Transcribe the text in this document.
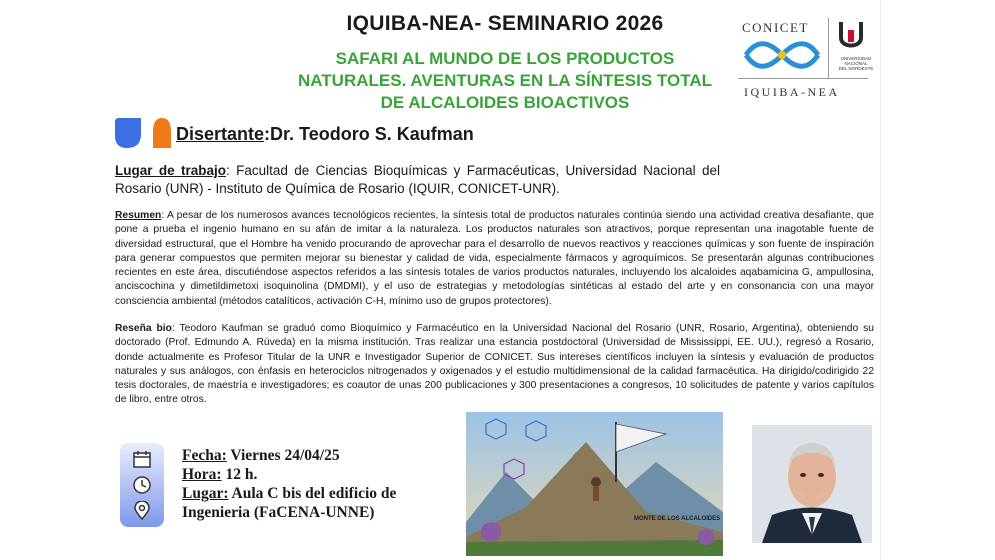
IQUIBA-NEA- SEMINARIO 2026
SAFARI AL MUNDO DE LOS PRODUCTOS
NATURALES. AVENTURAS EN LA SÍNTESIS TOTAL
DE ALCALOIDES BIOACTIVOS
CONICET
UNIVERSIDAD
NACIONAL
DEL NORDESTE
IQUIBA-NEA
Disertante:Dr. Teodoro S. Kaufman
Lugar de trabajo: Facultad de Ciencias Bioquímicas y Farmacéuticas, Universidad Nacional del Rosario (UNR) - Instituto de Química de Rosario (IQUIR, CONICET-UNR).
Resumen: A pesar de los numerosos avances tecnológicos recientes, la síntesis total de productos naturales continúa siendo una actividad creativa desafiante, que pone a prueba el ingenio humano en su afán de imitar a la naturaleza. Los productos naturales son atractivos, porque representan una inagotable fuente de diversidad estructural, que el Hombre ha venido procurando de aprovechar para el desarrollo de nuevos reactivos y reacciones químicas y son fuente de inspiración para generar compuestos que permiten mejorar su bienestar y calidad de vida, especialmente fármacos y agroquímicos. Se presentarán algunas contribuciones recientes en este área, discutiéndose aspectos referidos a las síntesis totales de varios productos naturales, incluyendo los alcaloides aqabamicina G, ampullosina, anciscochina y dimetildimetoxi isoquinolina (DMDMI), y el uso de estrategias y metodologías sintéticas al estado del arte y en consonancia con una mayor consciencia ambiental (métodos catalíticos, activación C-H, mínimo uso de grupos protectores).
Reseña bio: Teodoro Kaufman se graduó como Bioquímico y Farmacéutico en la Universidad Nacional del Rosario (UNR, Rosario, Argentina), obteniendo su doctorado (Prof. Edmundo A. Rúveda) en la misma institución. Tras realizar una estancia postdoctoral (Universidad de Mississippi, EE. UU.), regresó a Rosario, donde actualmente es Profesor Titular de la UNR e Investigador Superior de CONICET. Sus intereses científicos incluyen la síntesis y evaluación de productos naturales y sus análogos, con énfasis en heterociclos nitrogenados y oxigenados y el estudio multidimensional de la calidad farmacéutica. Ha dirigido/codirigido 22 tesis doctorales, de maestría e investigadores; es coautor de unas 200 publicaciones y 300 presentaciones a congresos, 10 solicitudes de patente y varios capítulos de libro, entre otros.
Fecha: Viernes 24/04/25
Hora: 12 h.
Lugar: Aula C bis del edificio de
Ingenieria (FaCENA-UNNE)	MONTE DE LOS ALCALOIDES
